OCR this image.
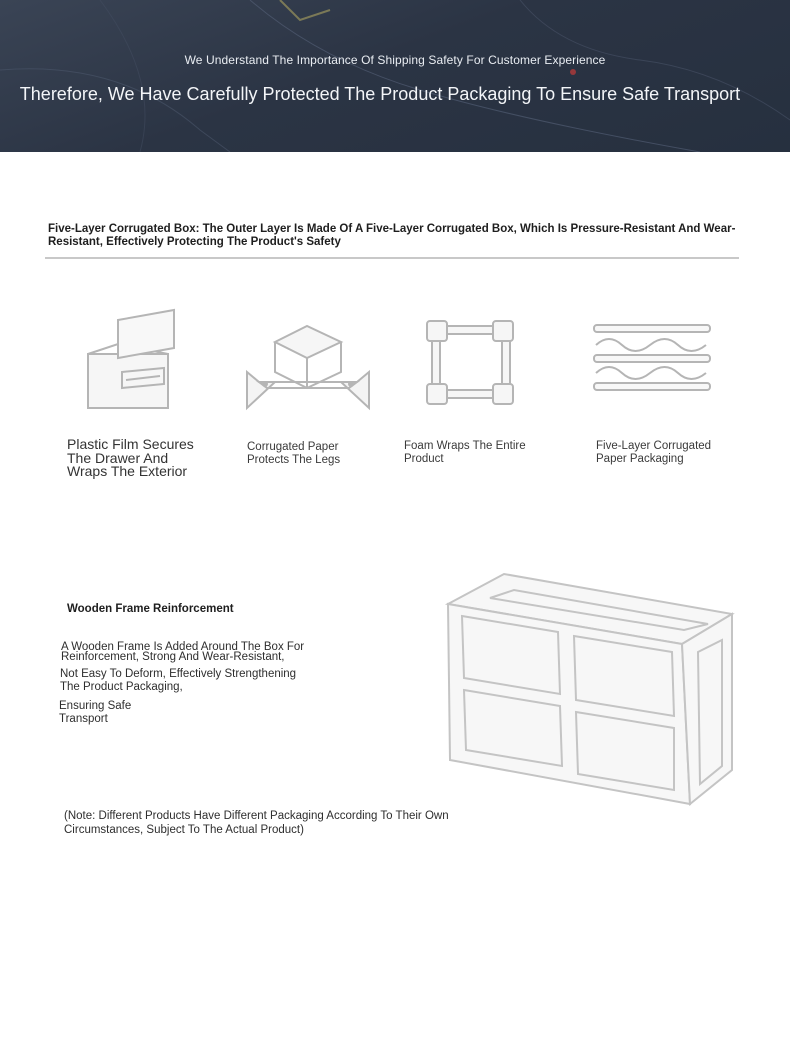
We Understand The Importance Of Shipping Safety For Customer Experience
Therefore, We Have Carefully Protected The Product Packaging To Ensure Safe Transport
Five-Layer Corrugated Box: The Outer Layer Is Made Of A Five-Layer Corrugated Box, Which Is Pressure-Resistant And Wear-Resistant, Effectively Protecting The Product's Safety
Plastic Film Secures The Drawer And Wraps The Exterior
Corrugated Paper Protects The Legs
Foam Wraps The Entire Product
Five-Layer Corrugated Paper Packaging
Wooden Frame Reinforcement
A Wooden Frame Is Added Around The Box For
Reinforcement, Strong And Wear-Resistant,
Not Easy To Deform, Effectively Strengthening
The Product Packaging,
Ensuring Safe
Transport
(Note: Different Products Have Different Packaging According To Their Own Circumstances, Subject To The Actual Product)
